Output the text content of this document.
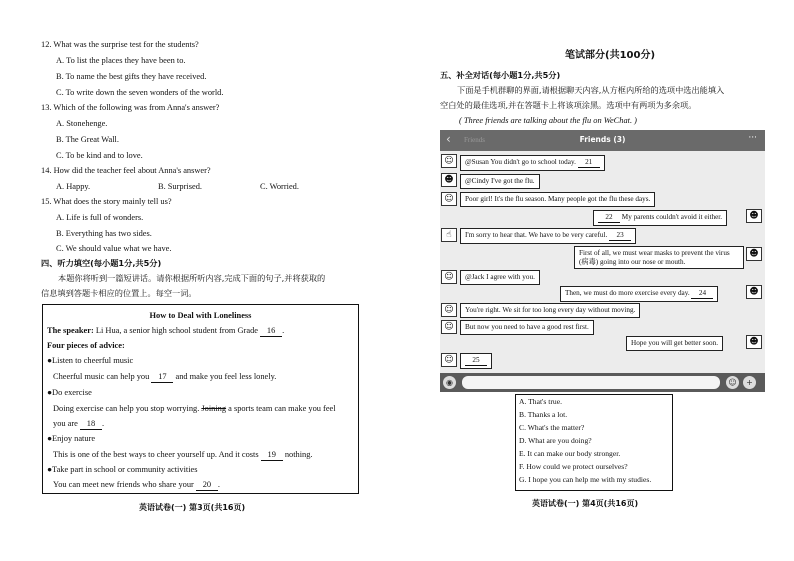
12. What was the surprise test for the students?
A. To list the places they have been to.
B. To name the best gifts they have received.
C. To write down the seven wonders of the world.
13. Which of the following was from Anna's answer?
A. Stonehenge.
B. The Great Wall.
C. To be kind and to love.
14. How did the teacher feel about Anna's answer?
A. Happy.	B. Surprised.	C. Worried.
15. What does the story mainly tell us?
A. Life is full of wonders.
B. Everything has two sides.
C. We should value what we have.
四、听力填空(每小题1分,共5分)
本题你将听到一篇短讲话。请你根据所听内容,完成下面的句子,并将获取的
信息填到答题卡相应的位置上。每空一词。
How to Deal with Loneliness
The speaker: Li Hua, a senior high school student from Grade 16 .
Four pieces of advice:
●Listen to cheerful music
Cheerful music can help you 17 and make you feel less lonely.
●Do exercise
Doing exercise can help you stop worrying. Joining a sports team can make you feel
you are 18 .
●Enjoy nature
This is one of the best ways to cheer yourself up. And it costs 19 nothing.
●Take part in school or community activities
You can meet new friends who share your 20 .
英语试卷(一) 第3页(共16页)
笔试部分(共100分)
五、补全对话(每小题1分,共5分)
下面是手机群聊的界面,请根据聊天内容,从方框内所给的选项中选出能填入
空白处的最佳选项,并在答题卡上将该项涂黑。选项中有两项为多余项。
( Three friends are talking about the flu on WeChat. )
‹ Friends	Friends (3)	···
☺	@Susan You didn't go to school today. 21
☻	@Cindy I've got the flu.
☺	Poor girl! It's the flu season. Many people got the flu these days.
22 My parents couldn't avoid it either.	☻
☝	I'm sorry to hear that. We have to be very careful. 23
First of all, we must wear masks to prevent the virus (病毒) going into our nose or mouth.
☻
☺	@Jack I agree with you.
Then, we must do more exercise every day. 24	☻
☺	You're right. We sit for too long every day without moving.
☺	But now you need to have a good rest first.
Hope you will get better soon.	☻
☺	25
◉	☺	+
A. That's true.
B. Thanks a lot.
C. What's the matter?
D. What are you doing?
E. It can make our body stronger.
F. How could we protect ourselves?
G. I hope you can help me with my studies.
英语试卷(一) 第4页(共16页)
